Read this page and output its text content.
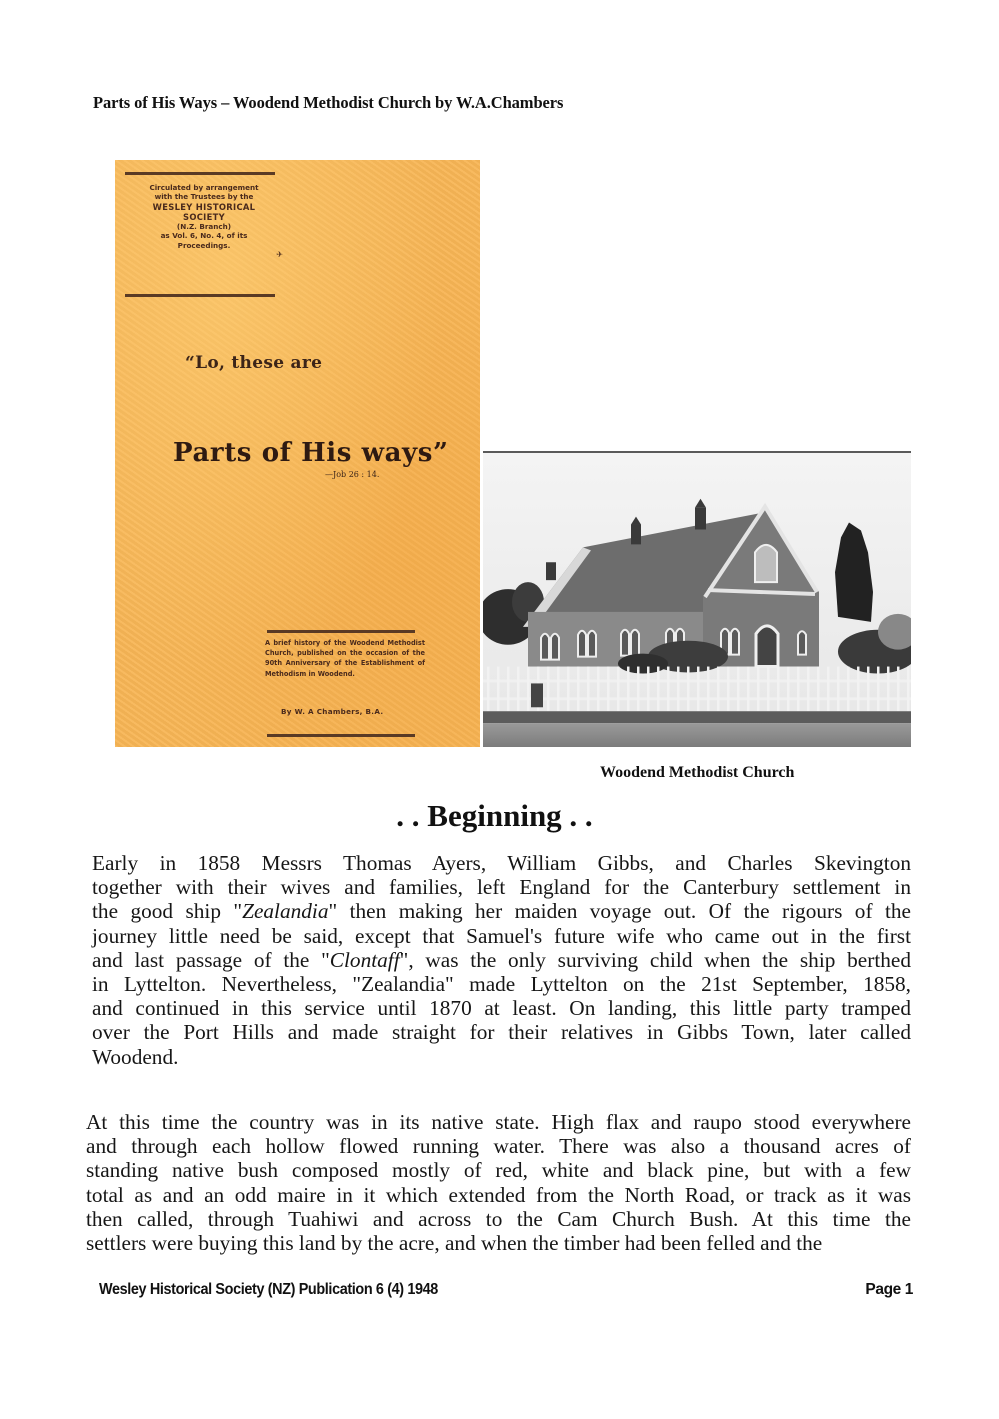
Parts of His Ways – Woodend Methodist Church by W.A.Chambers
Circulated by arrangement
with the Trustees by the
WESLEY HISTORICAL
SOCIETY
(N.Z. Branch)
as Vol. 6, No. 4, of its
Proceedings.
✈
“Lo, these are
Parts of His ways”
—Job 26 : 14.
A brief history of the Woodend Methodist Church, published on the occasion of the 90th Anniversary of the Establishment of Methodism in Woodend.
By W. A Chambers, B.A.
Woodend Methodist Church
. . Beginning . .
Early in 1858 Messrs Thomas Ayers, William Gibbs, and Charles Skevington
together with their wives and families, left England for the Canterbury settlement in
the good ship "Zealandia" then making her maiden voyage out. Of the rigours of the
journey little need be said, except that Samuel's future wife who came out in the first
and last passage of the "Clontaff", was the only surviving child when the ship berthed
in Lyttelton. Nevertheless, "Zealandia" made Lyttelton on the 21st September, 1858,
and continued in this service until 1870 at least. On landing, this little party tramped
over the Port Hills and made straight for their relatives in Gibbs Town, later called
Woodend.
At this time the country was in its native state. High flax and raupo stood everywhere
and through each hollow flowed running water. There was also a thousand acres of
standing native bush composed mostly of red, white and black pine, but with a few
total as and an odd maire in it which extended from the North Road, or track as it was
then called, through Tuahiwi and across to the Cam Church Bush. At this time the
settlers were buying this land by the acre, and when the timber had been felled and the
Wesley Historical Society (NZ) Publication 6 (4) 1948	Page 1
